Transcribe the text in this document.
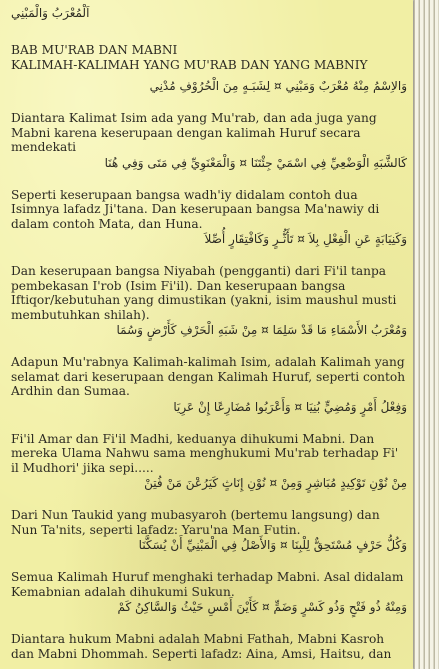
اَلْمُعْرَبُ وَالْمَبْنِي

BAB MU'RAB DAN MABNI

KALIMAH-KALIMAH YANG MU'RAB DAN YANG MABNIY

وَالاِسْمُ مِنْهُ مُعْرَبٌ وَمَبْنِي ¤ لِشَبَـهٍ مِنَ الْحُرُوْفِ مُدْنِي

Diantara Kalimat Isim ada yang Mu'rab, dan ada juga yang Mabni karena keserupaan dengan kalimah Huruf secara mendekati

كَالشَّبَهِ الْوَضْعِيِّ فِي اسْمَيْ جِئْتَنَا ¤ وَالْمَعْنَوِيِّ فِي مَتَى وَفِي هُنَا

Seperti keserupaan bangsa wadh'iy didalam contoh dua Isimnya lafadz Ji'tana. Dan keserupaan bangsa Ma'nawiy di dalam contoh Mata, dan Huna.

وَكَنِيَابَةٍ عَنِ الْفِعْلِ بِلاَ ¤ تَأَثُّـرٍ وَكَافْتِقَارٍ أُصِّلاَ

Dan keserupaan bangsa Niyabah (pengganti) dari Fi'il tanpa pembekasan I'rob (Isim Fi'il). Dan keserupaan bangsa Iftiqor/kebutuhan yang dimustikan (yakni, isim maushul musti membutuhkan shilah).

وَمُعْرَبُ الأَسْمَاءِ مَا قَدْ سَلِمَا ¤ مِنْ شَبَهِ الْحَرْفِ كَأَرْضٍ وَسُمَا

Adapun Mu'rabnya Kalimah-kalimah Isim, adalah Kalimah yang selamat dari keserupaan dengan Kalimah Huruf, seperti contoh Ardhin dan Sumaa.

وَفِعْلُ أَمْرٍ وَمُضِيٍّ بُنِيَا ¤ وَأَعْرَبُوا مُضَارِعًا إِنْ عَرِيَا

Fi'il Amar dan Fi'il Madhi, keduanya dihukumi Mabni. Dan mereka Ulama Nahwu sama menghukumi Mu'rab terhadap Fi' il Mudhori' jika sepi.....

مِنْ نُوْنِ تَوْكِيدٍ مُبَاشِرٍ وَمِنْ ¤ نُوْنِ إِنَاثٍ كَيَرُعْنَ مَنْ فُتِنْ

Dari Nun Taukid yang mubasyaroh (bertemu langsung) dan Nun Ta'nits, seperti lafadz: Yaru'na Man Futin.

وَكُلُّ حَرْفٍ مُسْتَحِقٌّ لِلْبِنَا ¤ وَالأَصْلُ فِي الْمَبْنِيِّ أَنْ يُسَكَّنَا

Semua Kalimah Huruf menghaki terhadap Mabni. Asal didalam Kemabnian adalah dihukumi Sukun.

وَمِنْهُ ذُو فَتْحٍ وَذُو كَسْرٍ وَضَمٍّ ¤ كَأَيْنَ أَمْسِ حَيْثُ وَالسَّاكِنُ كَمْ

Diantara hukum Mabni adalah Mabni Fathah, Mabni Kasroh dan Mabni Dhommah. Seperti lafadz: Aina, Amsi, Haitsu, dan
